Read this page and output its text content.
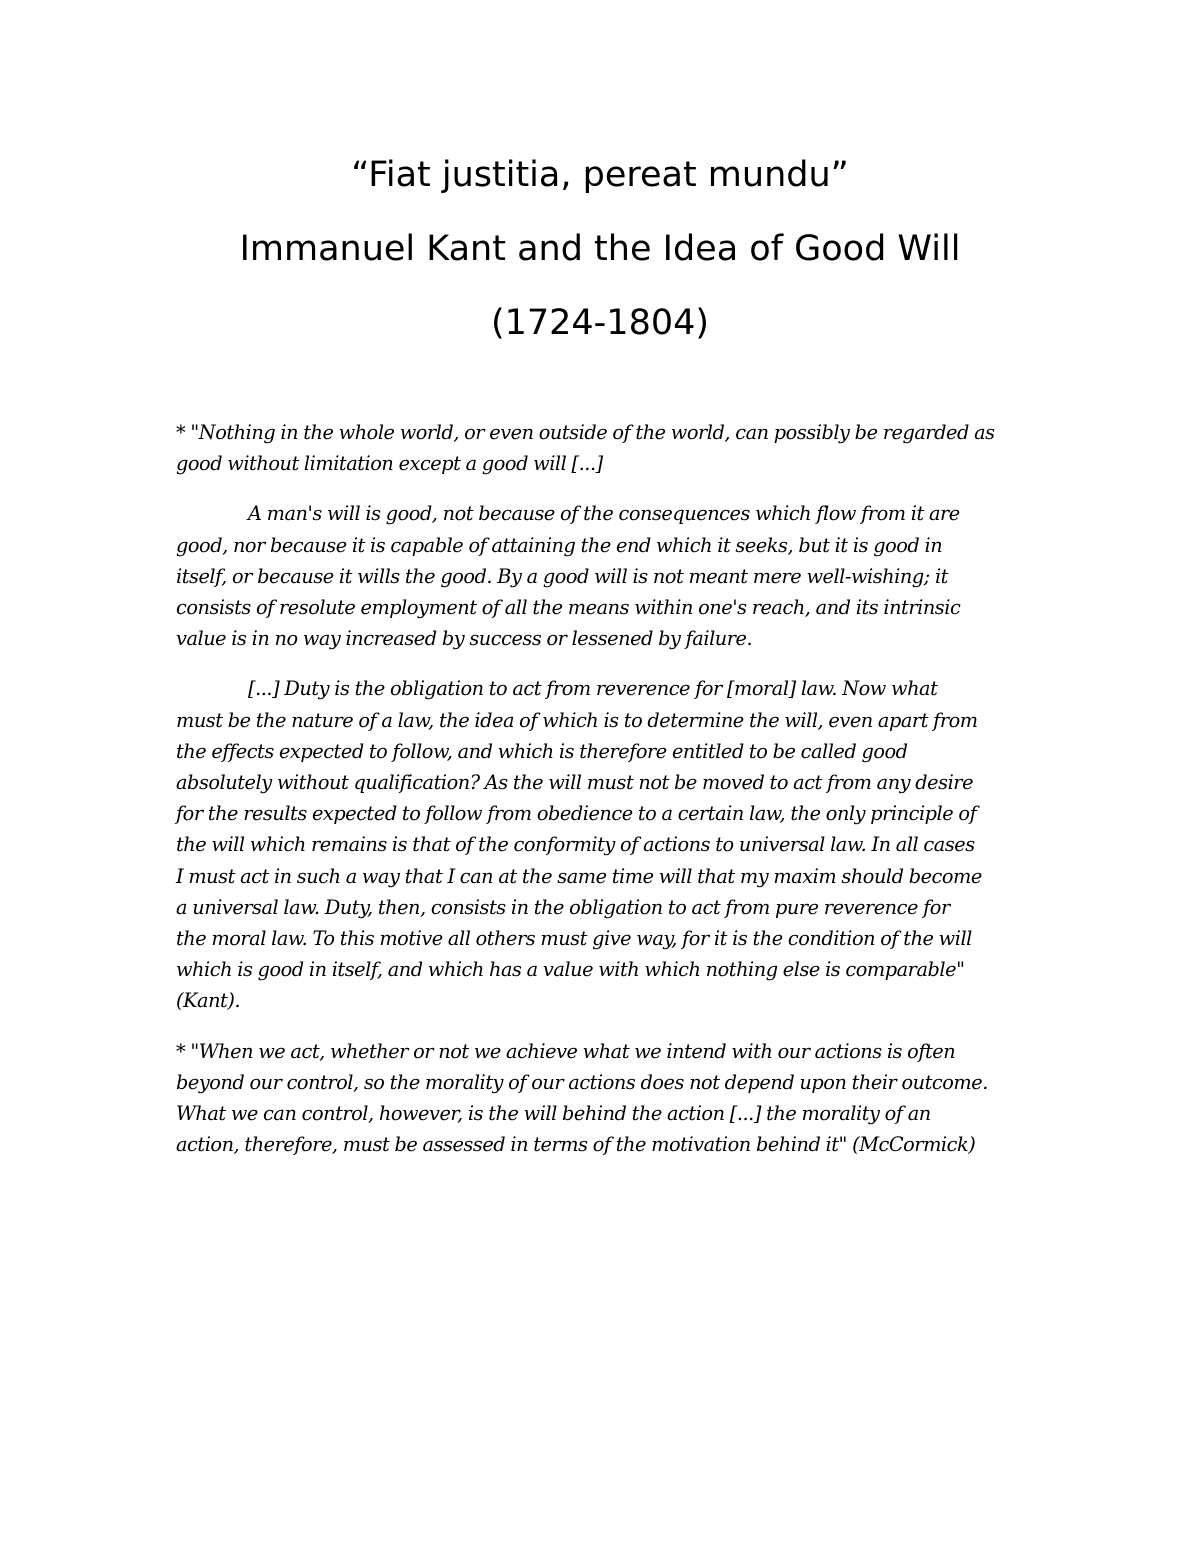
“Fiat justitia, pereat mundu”
Immanuel Kant and the Idea of Good Will
(1724-1804)

* "Nothing in the whole world, or even outside of the world, can possibly be regarded as
good without limitation except a good will [...]

A man's will is good, not because of the consequences which flow from it are
good, nor because it is capable of attaining the end which it seeks, but it is good in
itself, or because it wills the good. By a good will is not meant mere well-wishing; it
consists of resolute employment of all the means within one's reach, and its intrinsic
value is in no way increased by success or lessened by failure.

[...] Duty is the obligation to act from reverence for [moral] law. Now what
must be the nature of a law, the idea of which is to determine the will, even apart from
the effects expected to follow, and which is therefore entitled to be called good
absolutely without qualification? As the will must not be moved to act from any desire
for the results expected to follow from obedience to a certain law, the only principle of
the will which remains is that of the conformity of actions to universal law. In all cases
I must act in such a way that I can at the same time will that my maxim should become
a universal law. Duty, then, consists in the obligation to act from pure reverence for
the moral law. To this motive all others must give way, for it is the condition of the will
which is good in itself, and which has a value with which nothing else is comparable"
(Kant).

* "When we act, whether or not we achieve what we intend with our actions is often
beyond our control, so the morality of our actions does not depend upon their outcome.
What we can control, however, is the will behind the action [...] the morality of an
action, therefore, must be assessed in terms of the motivation behind it" (McCormick)
